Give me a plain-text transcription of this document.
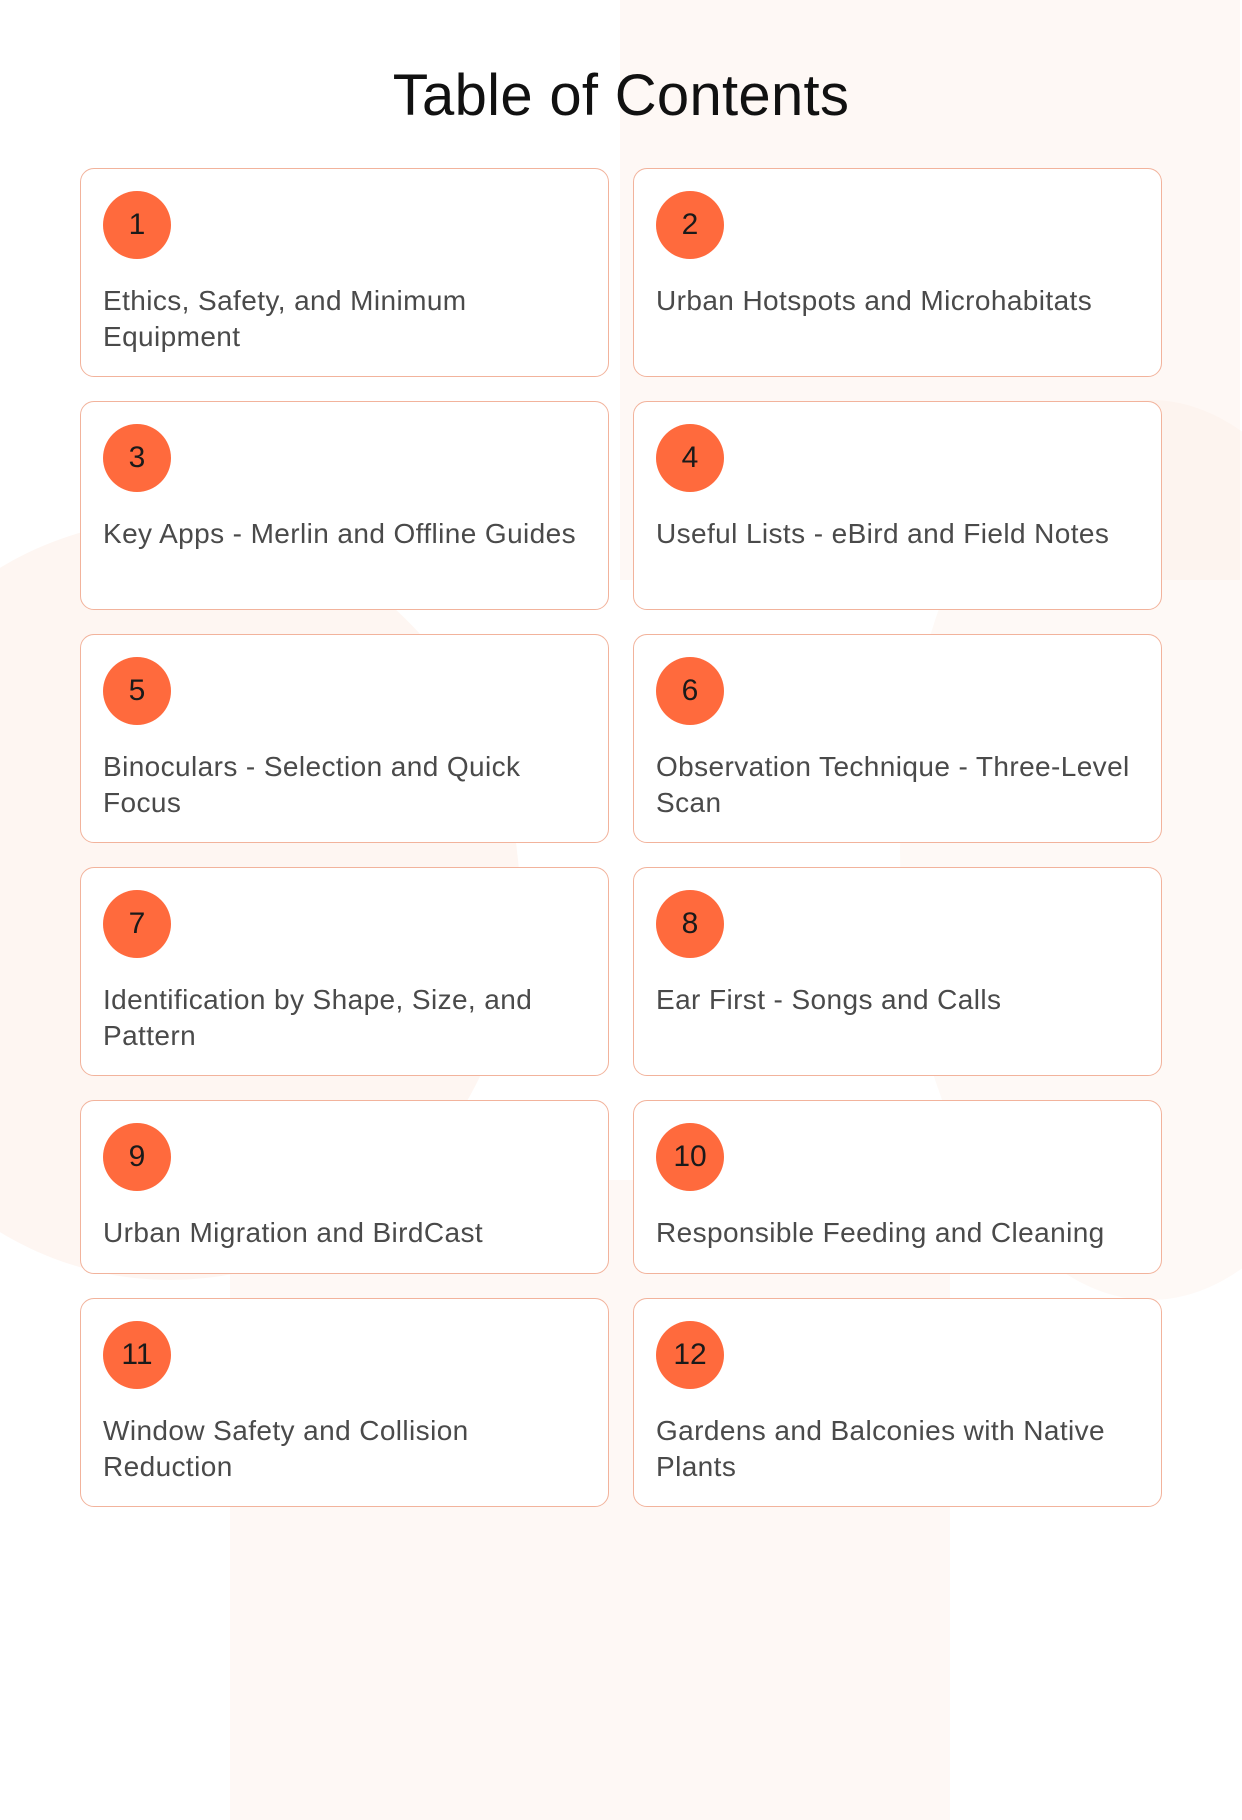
Table of Contents
1
Ethics, Safety, and Minimum Equipment
2
Urban Hotspots and Microhabitats
3
Key Apps - Merlin and Offline Guides
4
Useful Lists - eBird and Field Notes
5
Binoculars - Selection and Quick Focus
6
Observation Technique - Three-Level Scan
7
Identification by Shape, Size, and Pattern
8
Ear First - Songs and Calls
9
Urban Migration and BirdCast
10
Responsible Feeding and Cleaning
11
Window Safety and Collision Reduction
12
Gardens and Balconies with Native Plants
